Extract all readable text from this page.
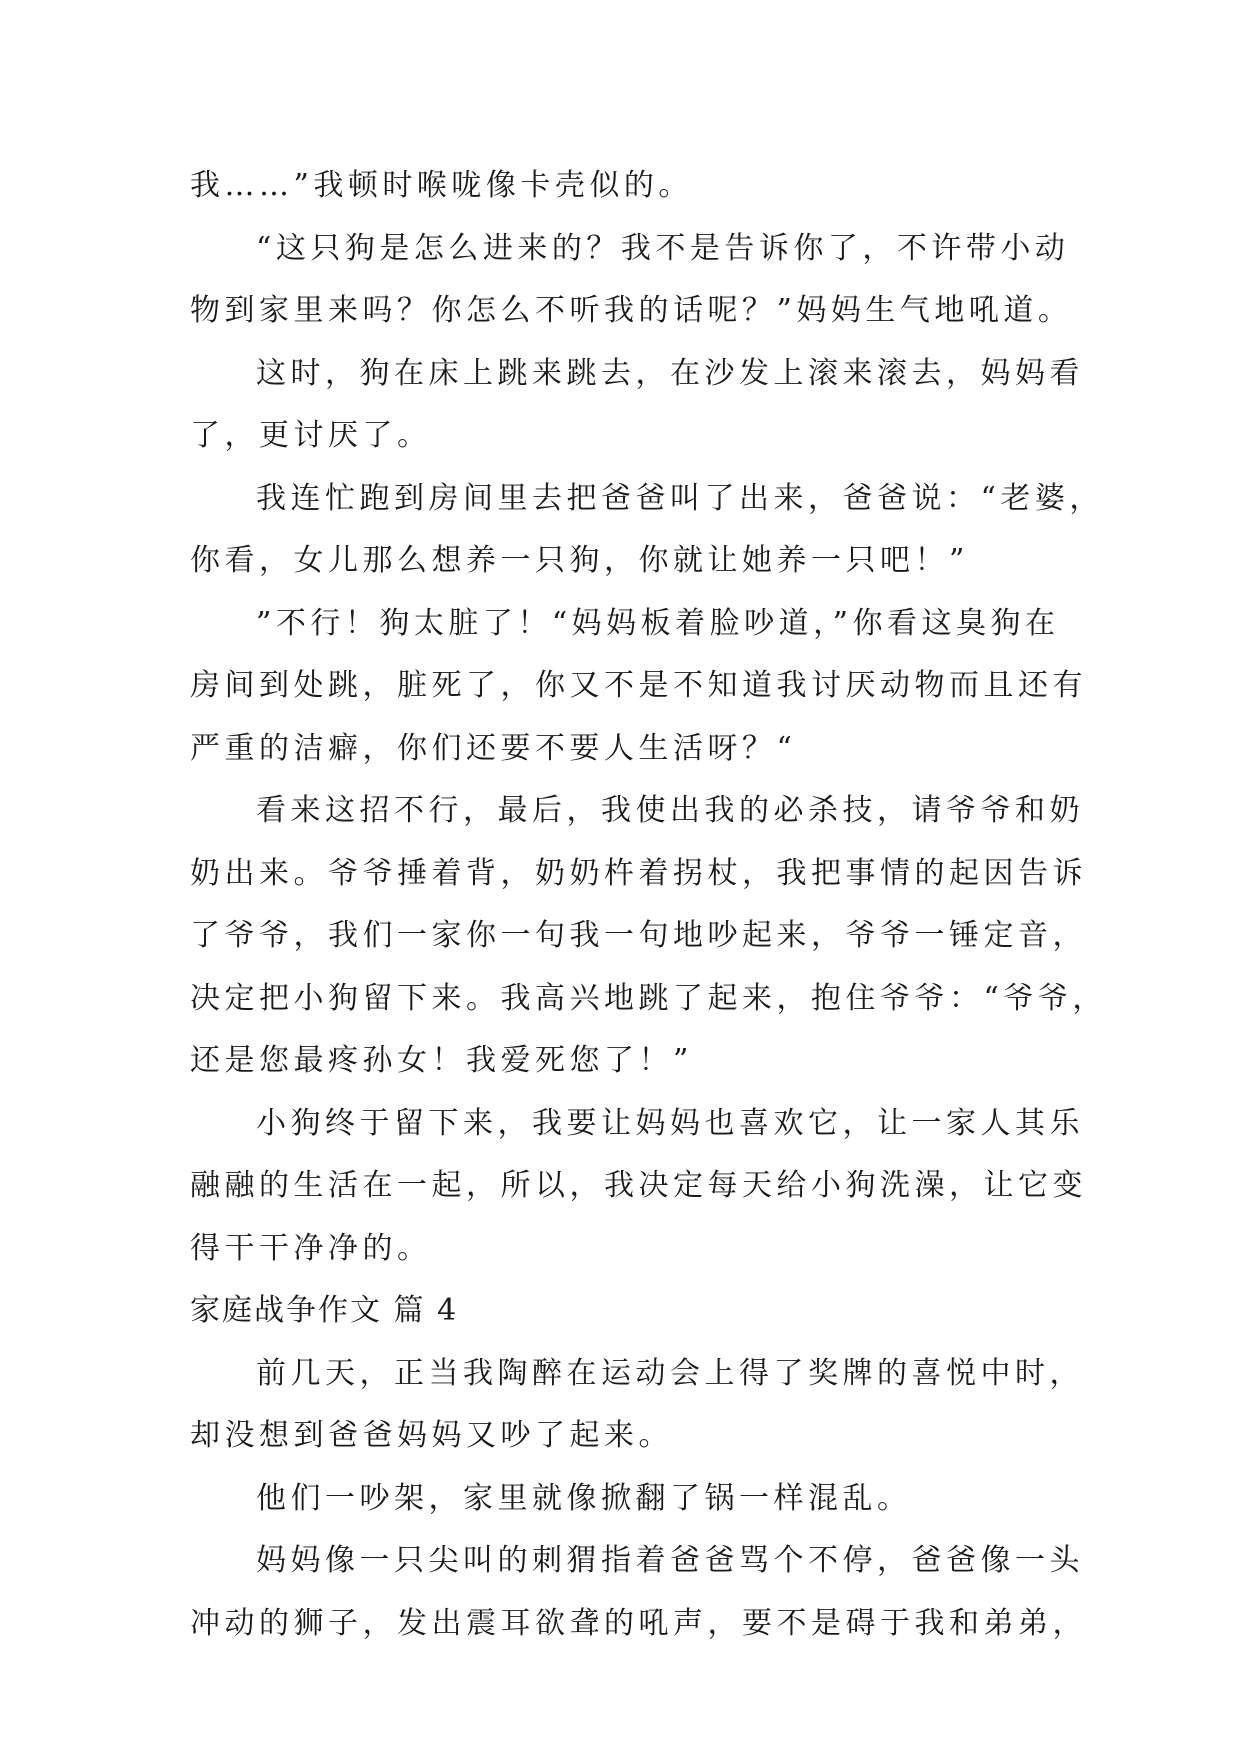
我……”我顿时喉咙像卡壳似的。
“这只狗是怎么进来的？我不是告诉你了，不许带小动
物到家里来吗？你怎么不听我的话呢？”妈妈生气地吼道。
这时，狗在床上跳来跳去，在沙发上滚来滚去，妈妈看
了，更讨厌了。
我连忙跑到房间里去把爸爸叫了出来，爸爸说：“老婆，
你看，女儿那么想养一只狗，你就让她养一只吧！”
”不行！狗太脏了！“妈妈板着脸吵道，”你看这臭狗在
房间到处跳，脏死了，你又不是不知道我讨厌动物而且还有
严重的洁癖，你们还要不要人生活呀？“
看来这招不行，最后，我使出我的必杀技，请爷爷和奶
奶出来。爷爷捶着背，奶奶杵着拐杖，我把事情的起因告诉
了爷爷，我们一家你一句我一句地吵起来，爷爷一锤定音，
决定把小狗留下来。我高兴地跳了起来，抱住爷爷：“爷爷，
还是您最疼孙女！我爱死您了！”
小狗终于留下来，我要让妈妈也喜欢它，让一家人其乐
融融的生活在一起，所以，我决定每天给小狗洗澡，让它变
得干干净净的。
家庭战争作文 篇 4
前几天，正当我陶醉在运动会上得了奖牌的喜悦中时，
却没想到爸爸妈妈又吵了起来。
他们一吵架，家里就像掀翻了锅一样混乱。
妈妈像一只尖叫的刺猬指着爸爸骂个不停，爸爸像一头
冲动的狮子，发出震耳欲聋的吼声，要不是碍于我和弟弟，
